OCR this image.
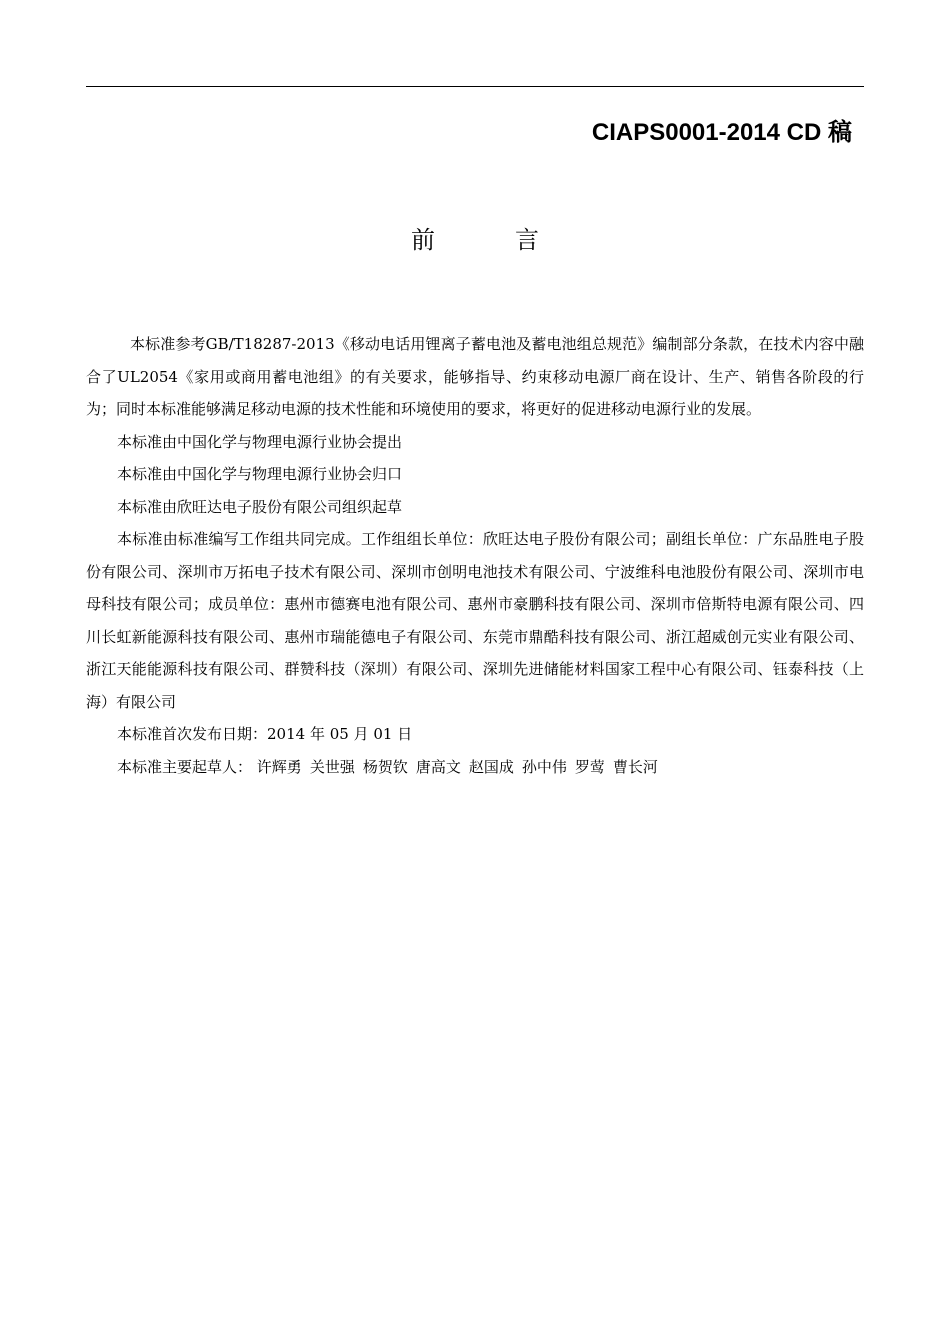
CIAPS0001-2014 CD 稿
前	言

本标准参考GB/T18287-2013《移动电话用锂离子蓄电池及蓄电池组总规范》编制部分条款，在技术内容中融合了UL2054《家用或商用蓄电池组》的有关要求，能够指导、约束移动电源厂商在设计、生产、销售各阶段的行为；同时本标准能够满足移动电源的技术性能和环境使用的要求，将更好的促进移动电源行业的发展。

本标准由中国化学与物理电源行业协会提出

本标准由中国化学与物理电源行业协会归口

本标准由欣旺达电子股份有限公司组织起草

本标准由标准编写工作组共同完成。工作组组长单位：欣旺达电子股份有限公司；副组长单位：广东品胜电子股份有限公司、深圳市万拓电子技术有限公司、深圳市创明电池技术有限公司、宁波维科电池股份有限公司、深圳市电母科技有限公司；成员单位：惠州市德赛电池有限公司、惠州市豪鹏科技有限公司、深圳市倍斯特电源有限公司、四川长虹新能源科技有限公司、惠州市瑞能德电子有限公司、东莞市鼎酷科技有限公司、浙江超威创元实业有限公司、浙江天能能源科技有限公司、群赞科技（深圳）有限公司、深圳先进储能材料国家工程中心有限公司、钰泰科技（上海）有限公司

本标准首次发布日期：2014 年 05 月 01 日

本标准主要起草人： 许辉勇 关世强 杨贺钦 唐高文 赵国成 孙中伟 罗莺 曹长河
